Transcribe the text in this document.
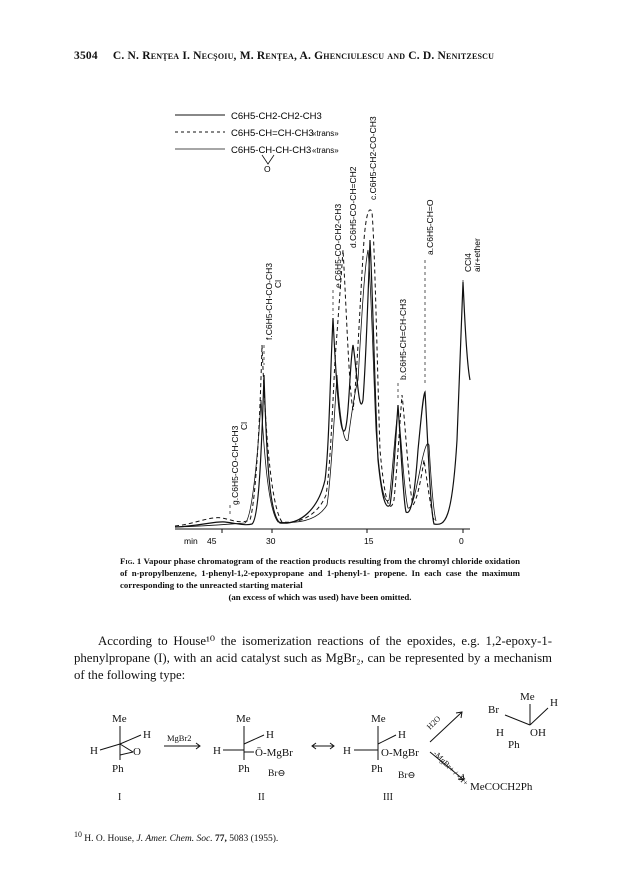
3504 C. N. Renţea I. Necşoiu, M. Renţea, A. Ghenciulescu and C. D. Nenitzescu
C6H5-CH2-CH2-CH3
C6H5-CH=CH-CH3
«trans»
C6H5-CH-CH-CH3 «trans»
O
min 45	30	15	0
g.C6H5-CO-CH-CH3 Cl
f.C6H5-CH-CO-CH3 Cl	e.C6H5-CO-CH2-CH3 d.C6H5-CO-CH=CH2
c.C6H5-CH2-CO-CH3
b.C6H5-CH=CH-CH3
a.C6H5-CH=O
CCl4 air+ether
Fig. 1 Vapour phase chromatogram of the reaction products resulting from the chromyl chloride oxidation of n-propylbenzene, 1-phenyl-1,2-epoxypropane and 1-phenyl-1- propene. In each case the maximum corresponding to the unreacted starting material
(an excess of which was used) have been omitted.
According to House¹⁰ the isomerization reactions of the epoxides, e.g. 1,2-epoxy-1- phenylpropane (I), with an acid catalyst such as MgBr₂, can be represented by a mechanism of the following type:
Me
H
H
O
Ph
I
MgBr2
Me
H
H
Ō-MgBr
Ph Br⊖
II
Me
H
H
O-MgBr
Ph
Br⊖
III
Me H
Br
H OH
Ph
MeCOCH2Ph
H2O
-MgBr+ / -H+
$^{10}$ H. O. House, J. Amer. Chem. Soc. 77, 5083 (1955).
